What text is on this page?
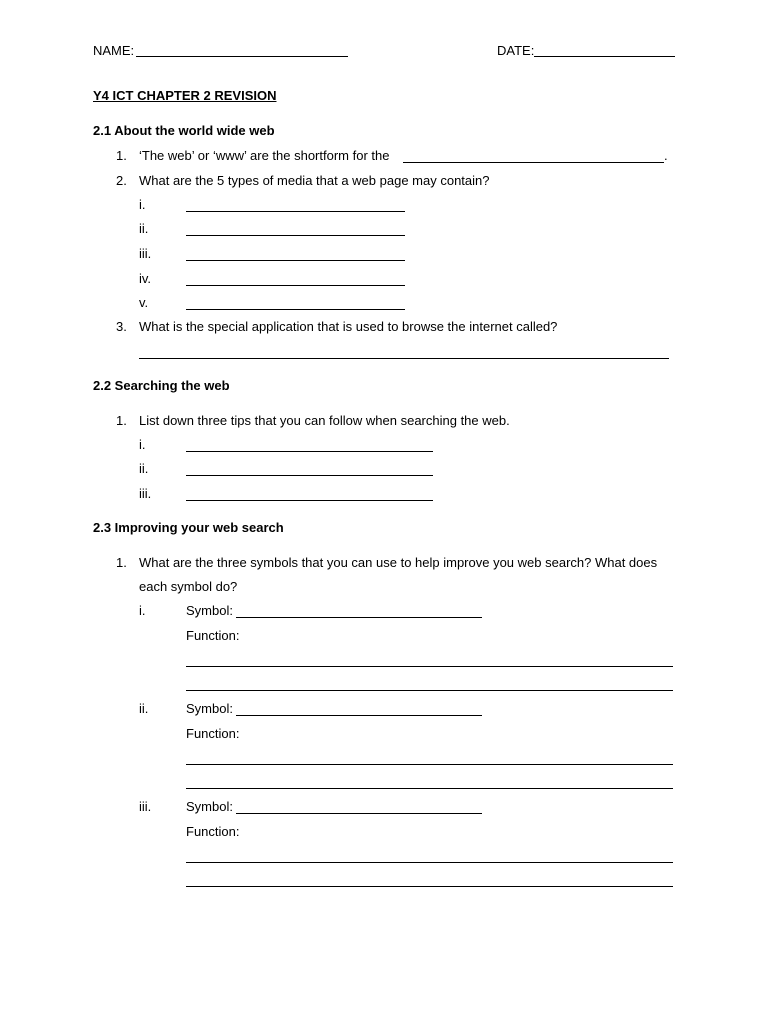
NAME:	DATE:
Y4 ICT CHAPTER 2 REVISION
2.1 About the world wide web
1. ‘The web’ or ‘www’ are the shortform for the	.
2. What are the 5 types of media that a web page may contain?
i.
ii.
iii.
iv.
v.
3. What is the special application that is used to browse the internet called?
2.2 Searching the web
1. List down three tips that you can follow when searching the web.
i.
ii.
iii.
2.3 Improving your web search
1. What are the three symbols that you can use to help improve you web search? What does
each symbol do?
i.	Symbol:
Function:
ii.	Symbol:
Function:
iii.	Symbol:
Function:
